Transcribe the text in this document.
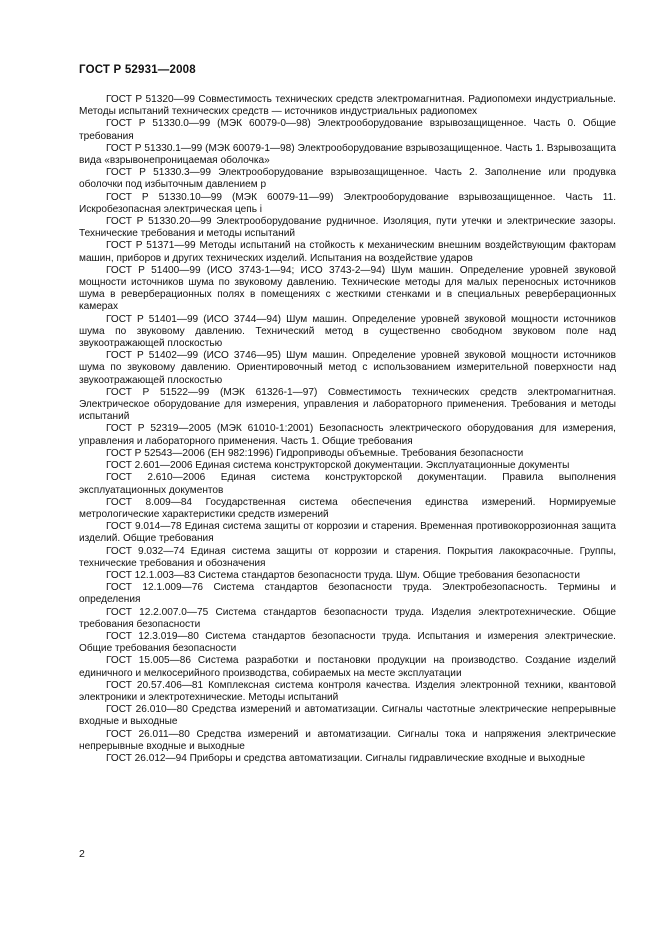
ГОСТ Р 52931—2008

ГОСТ Р 51320—99 Совместимость технических средств электромагнитная. Радиопомехи индустриальные. Методы испытаний технических средств — источников индустриальных радиопомех

ГОСТ Р 51330.0—99 (МЭК 60079-0—98) Электрооборудование взрывозащищенное. Часть 0. Общие требования

ГОСТ Р 51330.1—99 (МЭК 60079-1—98) Электрооборудование взрывозащищенное. Часть 1. Взрывозащита вида «взрывонепроницаемая оболочка»

ГОСТ Р 51330.3—99 Электрооборудование взрывозащищенное. Часть 2. Заполнение или продувка оболочки под избыточным давлением p

ГОСТ Р 51330.10—99 (МЭК 60079-11—99) Электрооборудование взрывозащищенное. Часть 11. Искробезопасная электрическая цепь i

ГОСТ Р 51330.20—99 Электрооборудование рудничное. Изоляция, пути утечки и электрические зазоры. Технические требования и методы испытаний

ГОСТ Р 51371—99 Методы испытаний на стойкость к механическим внешним воздействующим факторам машин, приборов и других технических изделий. Испытания на воздействие ударов

ГОСТ Р 51400—99 (ИСО 3743-1—94; ИСО 3743-2—94) Шум машин. Определение уровней звуковой мощности источников шума по звуковому давлению. Технические методы для малых переносных источников шума в реверберационных полях в помещениях с жесткими стенками и в специальных реверберационных камерах

ГОСТ Р 51401—99 (ИСО 3744—94) Шум машин. Определение уровней звуковой мощности источников шума по звуковому давлению. Технический метод в существенно свободном звуковом поле над звукоотражающей плоскостью

ГОСТ Р 51402—99 (ИСО 3746—95) Шум машин. Определение уровней звуковой мощности источников шума по звуковому давлению. Ориентировочный метод с использованием измерительной поверхности над звукоотражающей плоскостью

ГОСТ Р 51522—99 (МЭК 61326-1—97) Совместимость технических средств электромагнитная. Электрическое оборудование для измерения, управления и лабораторного применения. Требования и методы испытаний

ГОСТ Р 52319—2005 (МЭК 61010-1:2001) Безопасность электрического оборудования для измерения, управления и лабораторного применения. Часть 1. Общие требования

ГОСТ Р 52543—2006 (ЕН 982:1996) Гидроприводы объемные. Требования безопасности

ГОСТ 2.601—2006 Единая система конструкторской документации. Эксплуатационные документы

ГОСТ 2.610—2006 Единая система конструкторской документации. Правила выполнения эксплуатационных документов

ГОСТ 8.009—84 Государственная система обеспечения единства измерений. Нормируемые метрологические характеристики средств измерений

ГОСТ 9.014—78 Единая система защиты от коррозии и старения. Временная противокоррозионная защита изделий. Общие требования

ГОСТ 9.032—74 Единая система защиты от коррозии и старения. Покрытия лакокрасочные. Группы, технические требования и обозначения

ГОСТ 12.1.003—83 Система стандартов безопасности труда. Шум. Общие требования безопасности

ГОСТ 12.1.009—76 Система стандартов безопасности труда. Электробезопасность. Термины и определения

ГОСТ 12.2.007.0—75 Система стандартов безопасности труда. Изделия электротехнические. Общие требования безопасности

ГОСТ 12.3.019—80 Система стандартов безопасности труда. Испытания и измерения электрические. Общие требования безопасности

ГОСТ 15.005—86 Система разработки и постановки продукции на производство. Создание изделий единичного и мелкосерийного производства, собираемых на месте эксплуатации

ГОСТ 20.57.406—81 Комплексная система контроля качества. Изделия электронной техники, квантовой электроники и электротехнические. Методы испытаний

ГОСТ 26.010—80 Средства измерений и автоматизации. Сигналы частотные электрические непрерывные входные и выходные

ГОСТ 26.011—80 Средства измерений и автоматизации. Сигналы тока и напряжения электрические непрерывные входные и выходные

ГОСТ 26.012—94 Приборы и средства автоматизации. Сигналы гидравлические входные и выходные

2
